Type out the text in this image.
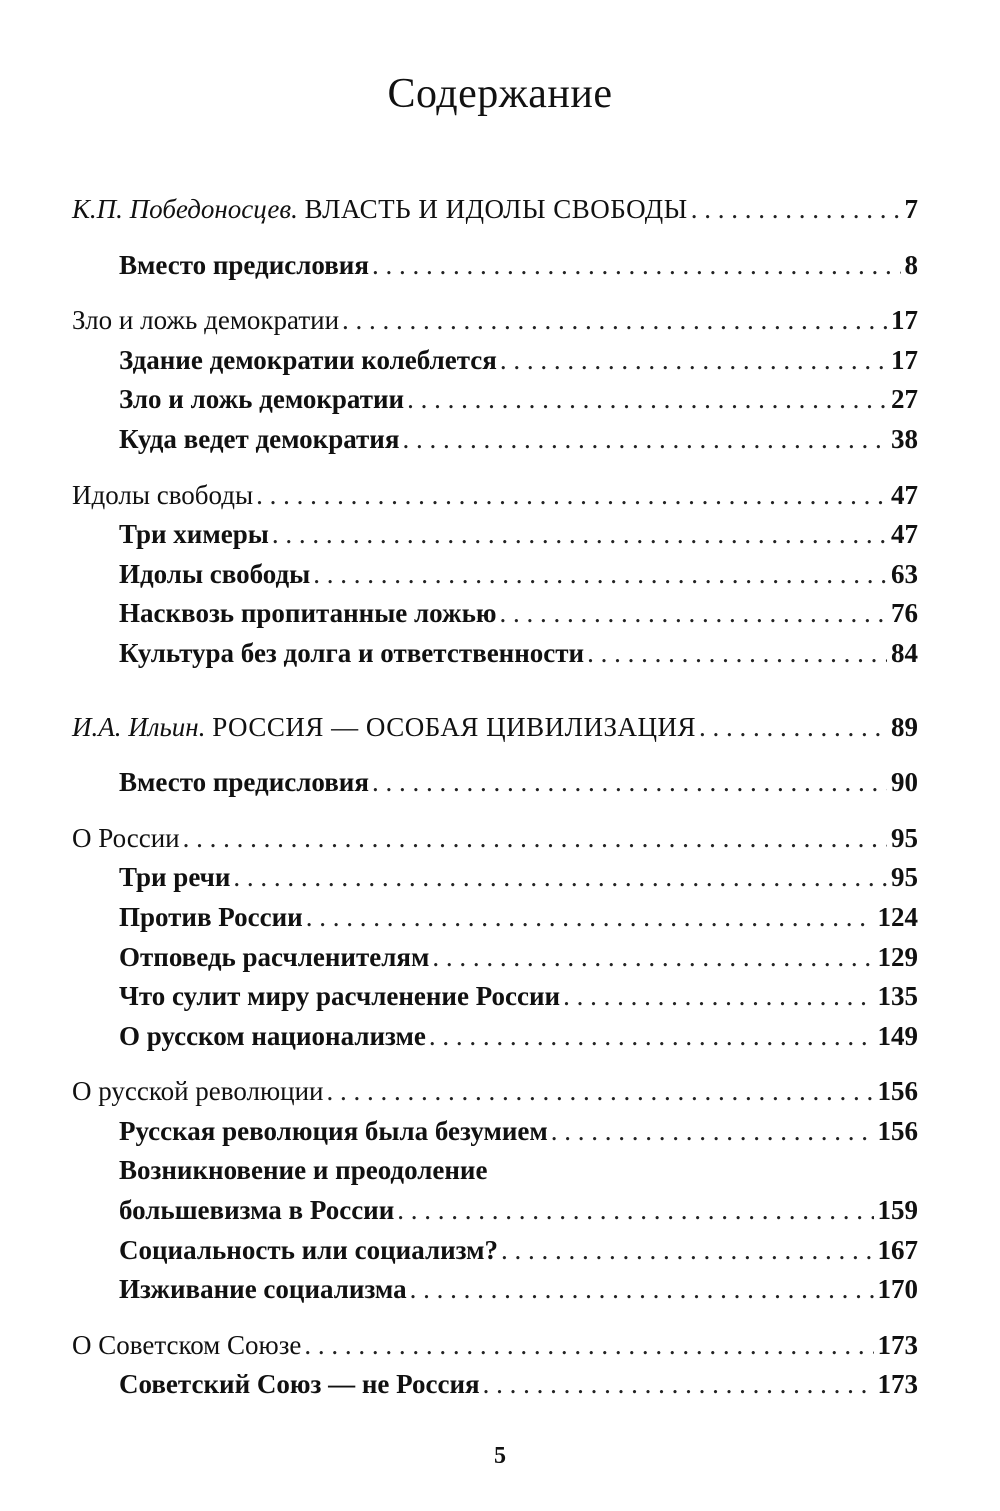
Содержание
К.П. Победоносцев. ВЛАСТЬ И ИДОЛЫ СВОБОДЫ . . .	7
Вместо предисловия . . .	8
Зло и ложь демократии . . .	17
Здание демократии колеблется . . .	17
Зло и ложь демократии . . .	27
Куда ведет демократия . . .	38
Идолы свободы . . .	47
Три химеры . . .	47
Идолы свободы . . .	63
Насквозь пропитанные ложью . . .	76
Культура без долга и ответственности . . .	84
И.А. Ильин. РОССИЯ — ОСОБАЯ ЦИВИЛИЗАЦИЯ . . .	89
Вместо предисловия . . .	90
О России . . .	95
Три речи . . .	95
Против России . . .	124
Отповедь расчленителям . . .	129
Что сулит миру расчленение России . . .	135
О русском национализме . . .	149
О русской революции . . .	156
Русская революция была безумием . . .	156
Возникновение и преодоление
большевизма в России . . .	159
Социальность или социализм? . . .	167
Изживание социализма . . .	170
О Советском Союзе . . .	173
Советский Союз — не Россия . . .	173
5
